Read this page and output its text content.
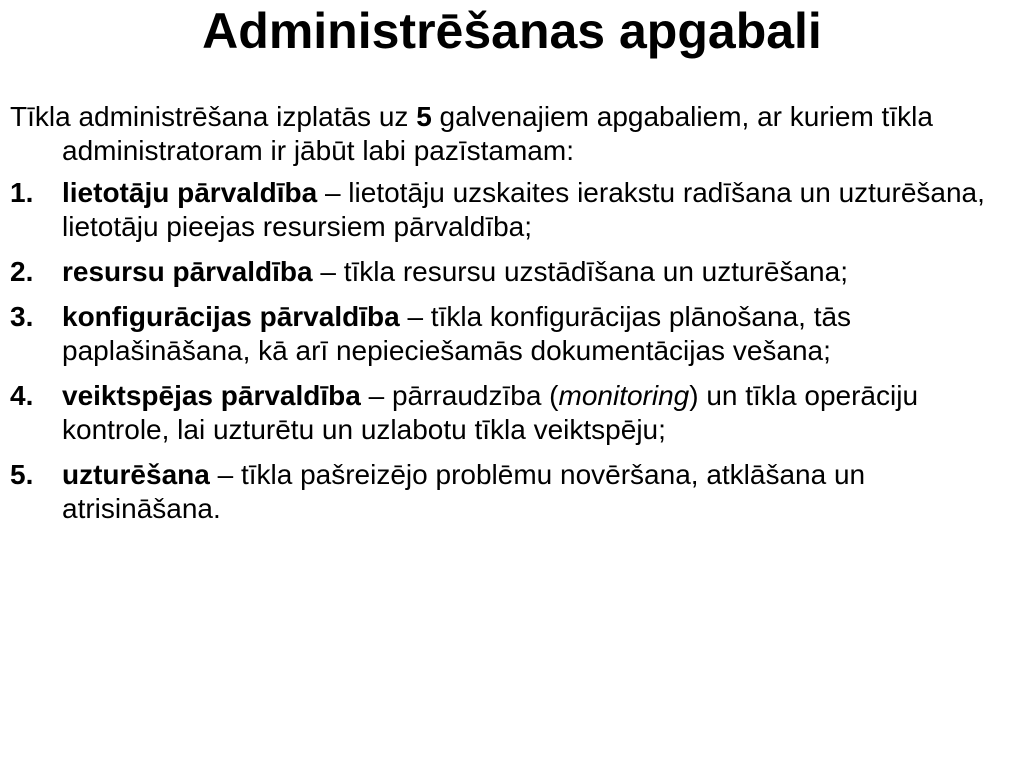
Administrēšanas apgabali

Tīkla administrēšana izplatās uz 5 galvenajiem apgabaliem, ar kuriem tīkla administratoram ir jābūt labi pazīstamam:

1. lietotāju pārvaldība – lietotāju uzskaites ierakstu radīšana un uzturēšana, lietotāju pieejas resursiem pārvaldība;
2. resursu pārvaldība – tīkla resursu uzstādīšana un uzturēšana;
3. konfigurācijas pārvaldība – tīkla konfigurācijas plānošana, tās paplašināšana, kā arī nepieciešamās dokumentācijas vešana;
4. veiktspējas pārvaldība – pārraudzība (monitoring) un tīkla operāciju kontrole, lai uzturētu un uzlabotu tīkla veiktspēju;
5. uzturēšana – tīkla pašreizējo problēmu novēršana, atklāšana un atrisināšana.
